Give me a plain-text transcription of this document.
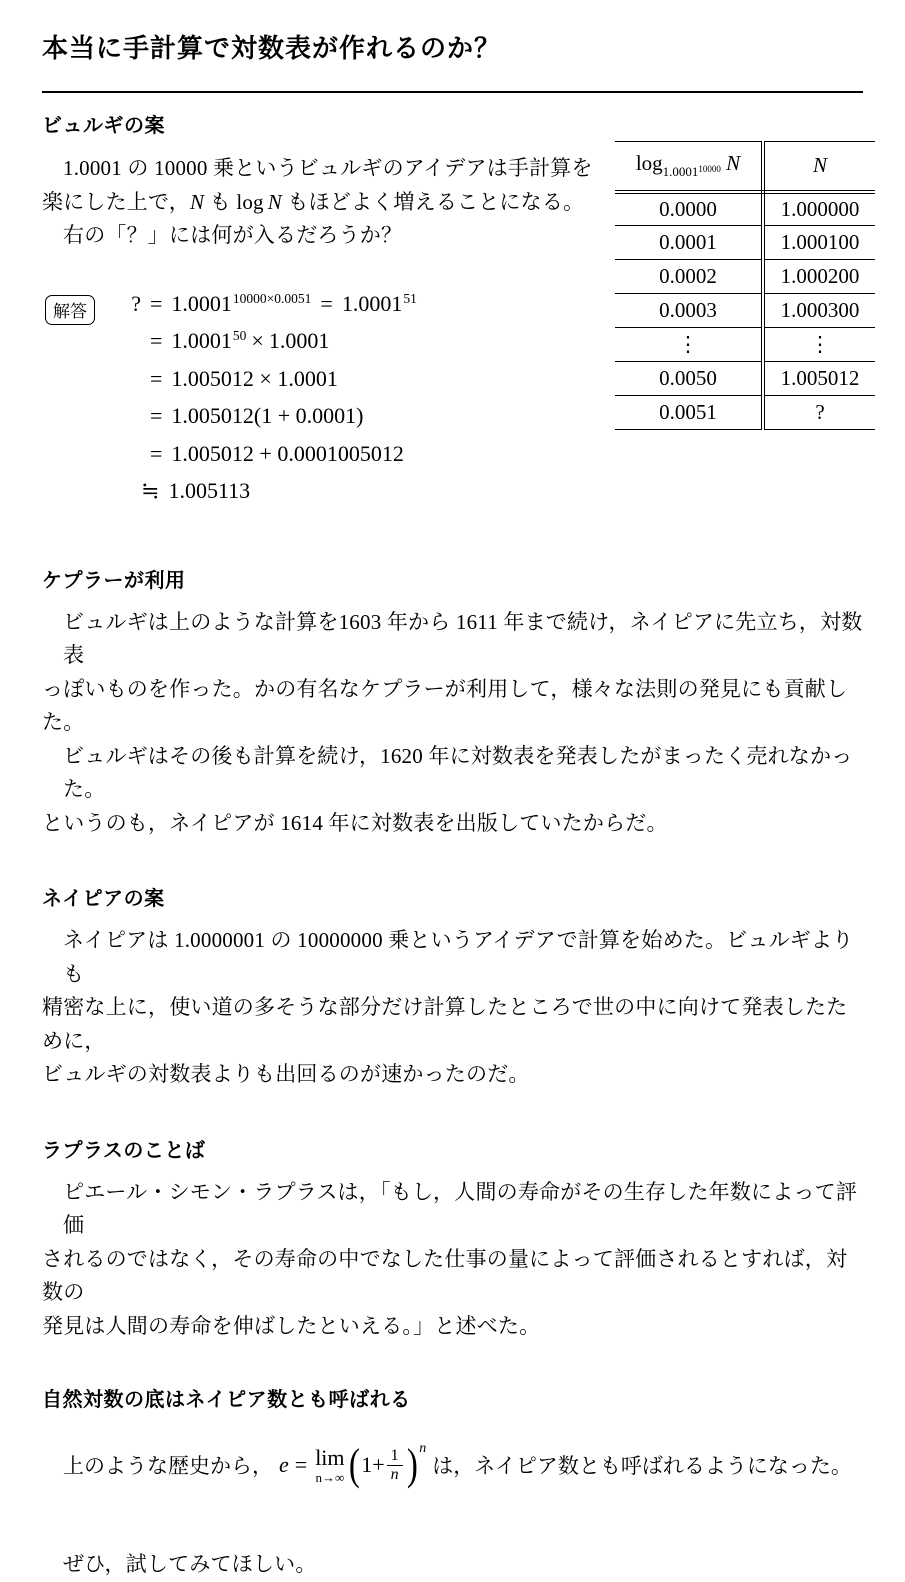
本当に手計算で対数表が作れるのか？
ビュルギの案
1.0001 の 10000 乗というビュルギのアイデアは手計算を
楽にした上で，N も log N もほどよく増えることになる。
右の「？」には何が入るだろうか？
$\log_{1.0001^{10000}} N$	N
0.0000	1.000000
0.0001	1.000100
0.0002	1.000200
0.0003	1.000300
⋮	⋮
0.0050	1.005012
0.0051	?
解答	? = 1.0001 10000×0.0051 = 1.0001 51
= 1.0001 50 × 1.0001
= 1.005012 × 1.0001
= 1.005012(1 + 0.0001)
= 1.005012 + 0.0001005012
≒ 1.005113
ケプラーが利用
ビュルギは上のような計算を1603 年から 1611 年まで続け，ネイピアに先立ち，対数表
っぽいものを作った。かの有名なケプラーが利用して，様々な法則の発見にも貢献した。
ビュルギはその後も計算を続け，1620 年に対数表を発表したがまったく売れなかった。
というのも，ネイピアが 1614 年に対数表を出版していたからだ。
ネイピアの案
ネイピアは 1.0000001 の 10000000 乗というアイデアで計算を始めた。ビュルギよりも
精密な上に，使い道の多そうな部分だけ計算したところで世の中に向けて発表したために，
ビュルギの対数表よりも出回るのが速かったのだ。
ラプラスのことば
ピエール・シモン・ラプラスは，「もし，人間の寿命がその生存した年数によって評価
されるのではなく，その寿命の中でなした仕事の量によって評価されるとすれば，対数の
発見は人間の寿命を伸ばしたといえる。」と述べた。
自然対数の底はネイピア数とも呼ばれる
上のような歴史から， e = lim
n→∞ ( $1+ \frac{1}{n}$ ) n
は，ネイピア数とも呼ばれるようになった。
ぜひ，試してみてほしい。
